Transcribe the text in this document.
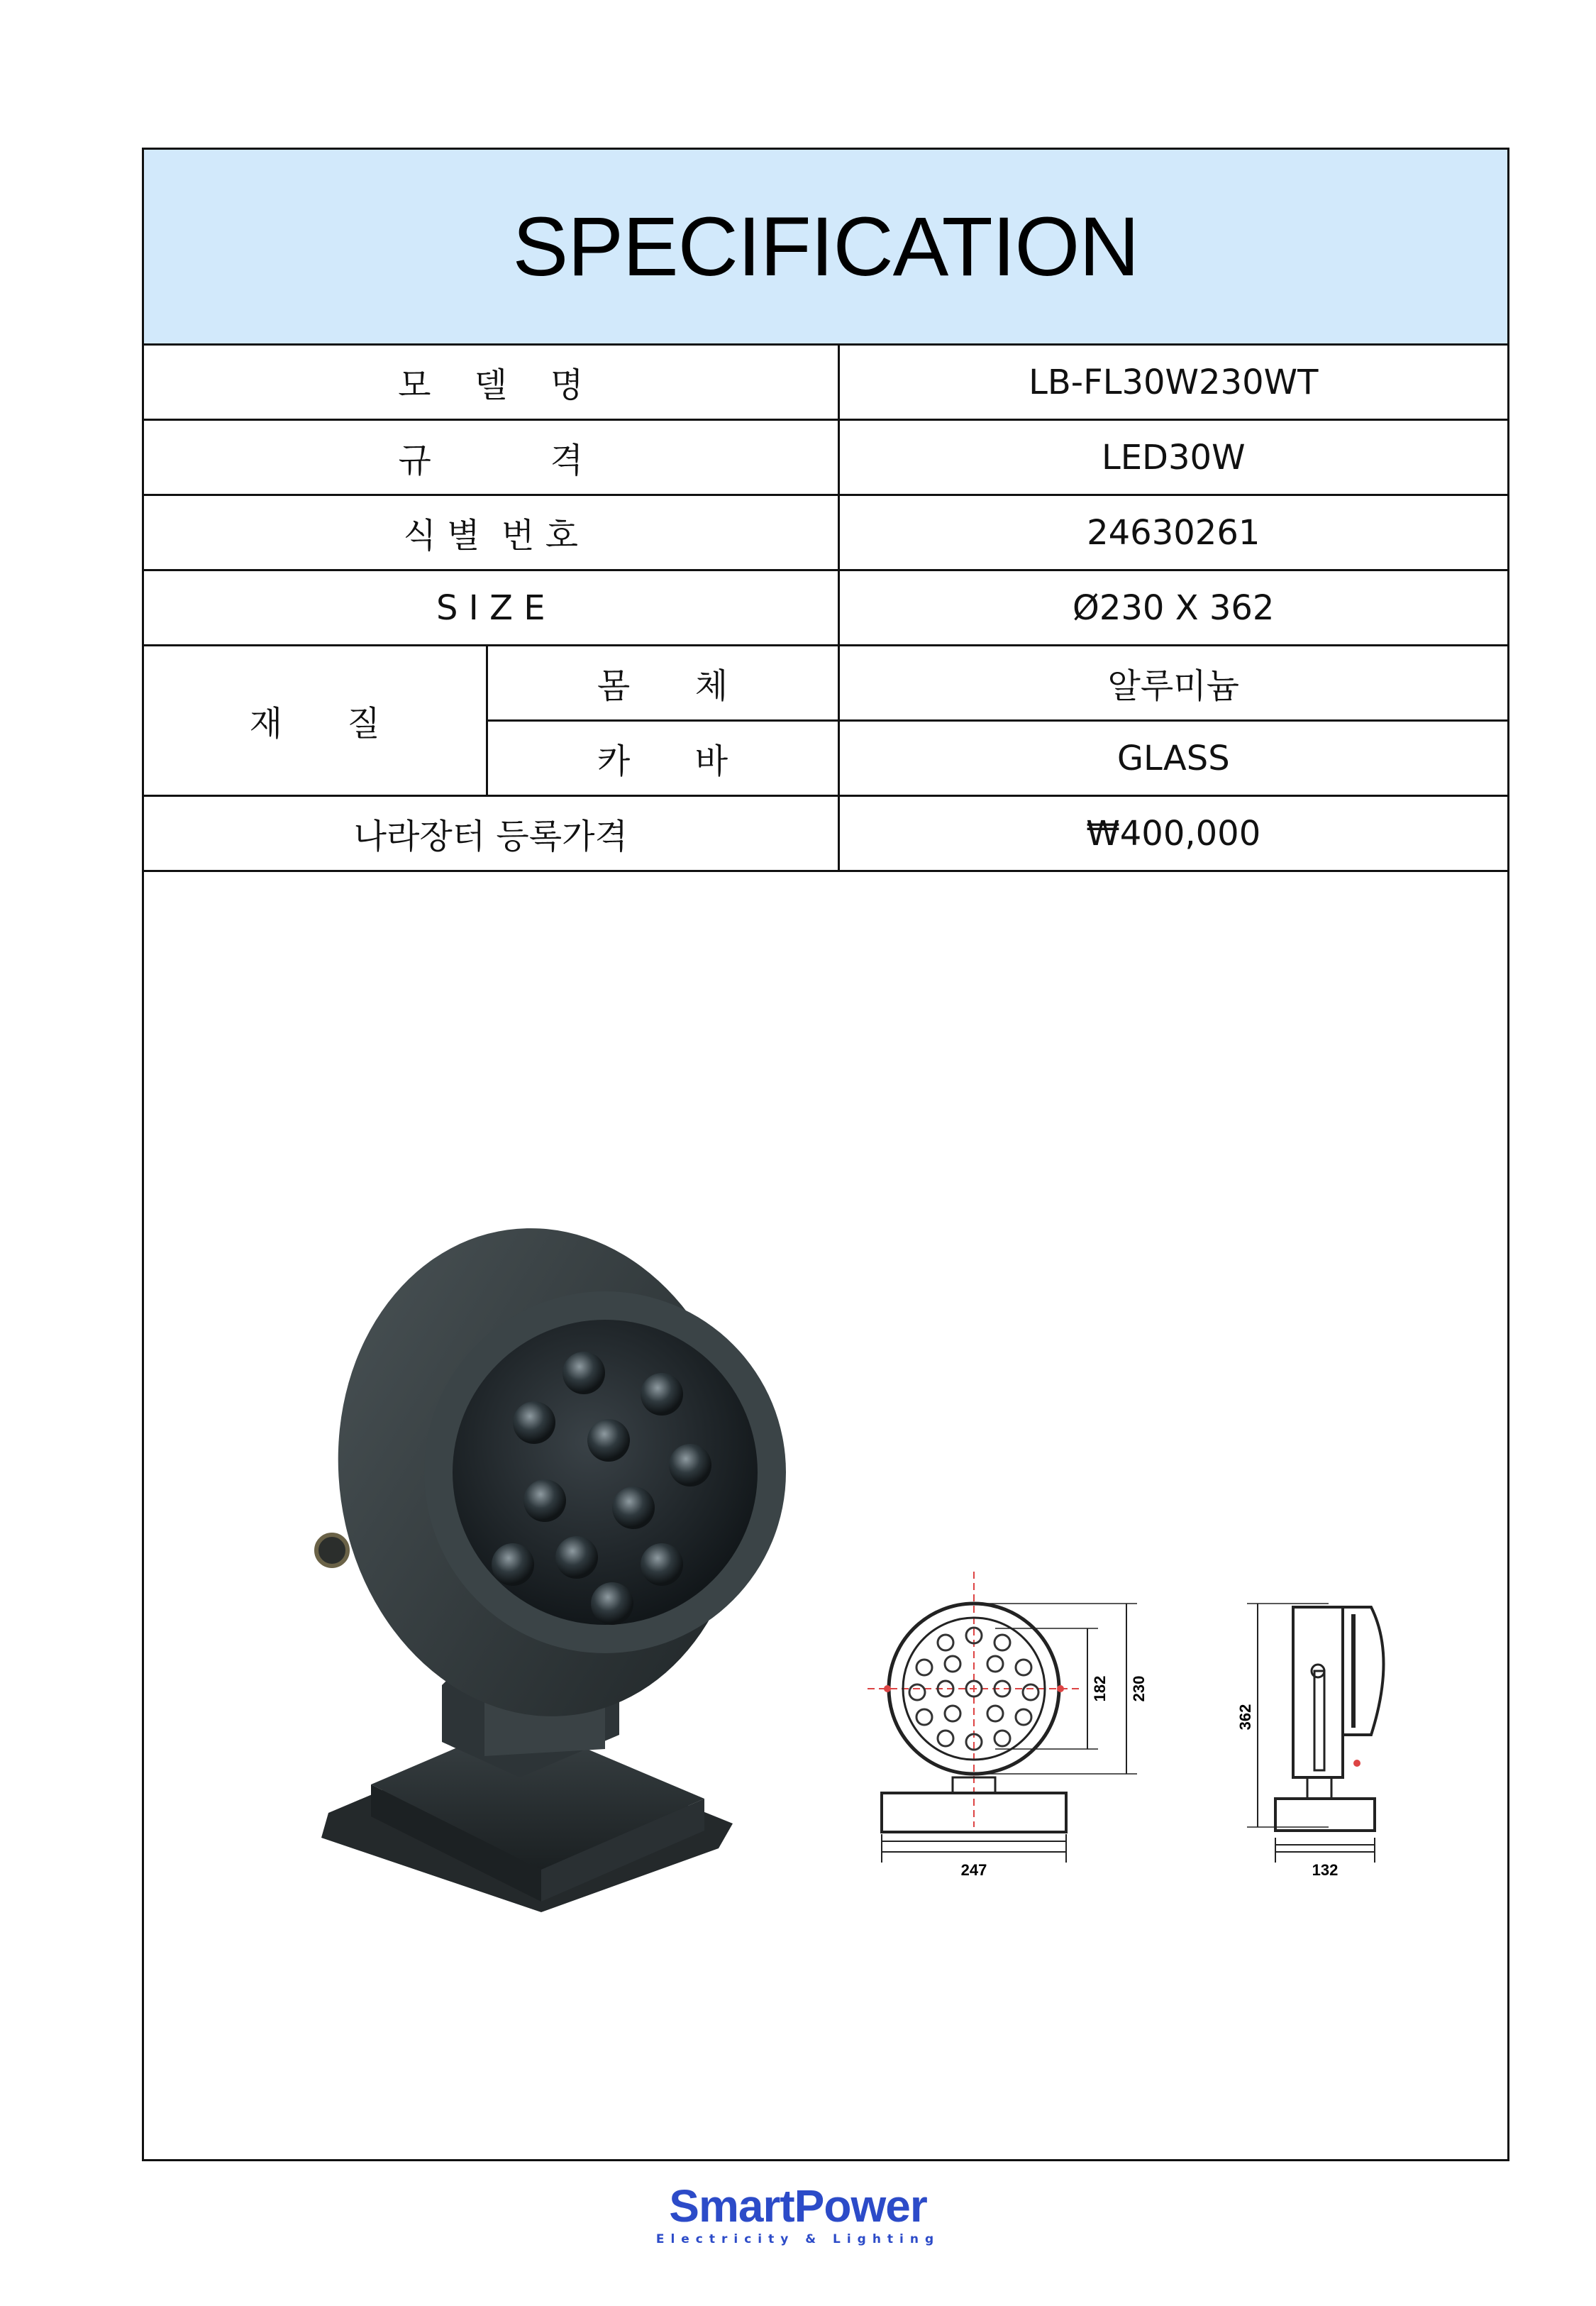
SPECIFICATION
모    델    명		LB-FL30W230WT
규           격		LED30W
식 별  번 호		24630261
S I Z E		Ø230 X 362
재      질	몸      체	알루미늄
	카      바	GLASS
나라장터 등록가격		₩400,000
247
182 230
362
132
SmartPower
Electricity & Lighting
